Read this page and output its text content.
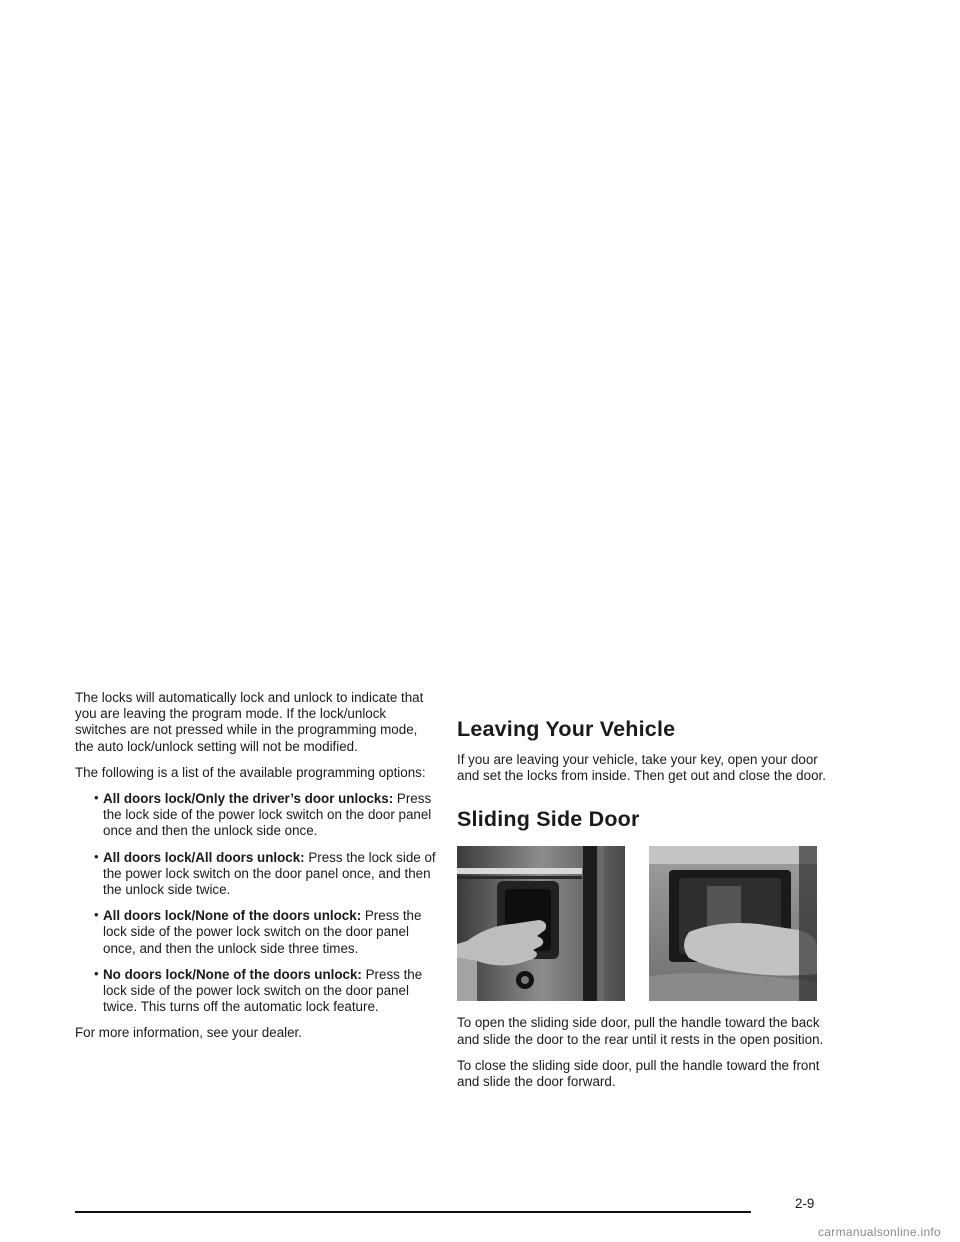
The locks will automatically lock and unlock to indicate that you are leaving the program mode. If the lock/unlock switches are not pressed while in the programming mode, the auto lock/unlock setting will not be modified.

The following is a list of the available programming options:

• All doors lock/Only the driver’s door unlocks: Press the lock side of the power lock switch on the door panel once and then the unlock side once.
• All doors lock/All doors unlock: Press the lock side of the power lock switch on the door panel once, and then the unlock side twice.
• All doors lock/None of the doors unlock: Press the lock side of the power lock switch on the door panel once, and then the unlock side three times.
• No doors lock/None of the doors unlock: Press the lock side of the power lock switch on the door panel twice. This turns off the automatic lock feature.

For more information, see your dealer.

Leaving Your Vehicle

If you are leaving your vehicle, take your key, open your door and set the locks from inside. Then get out and close the door.

Sliding Side Door

To open the sliding side door, pull the handle toward the back and slide the door to the rear until it rests in the open position.

To close the sliding side door, pull the handle toward the front and slide the door forward.

2-9
carmanualsonline.info
